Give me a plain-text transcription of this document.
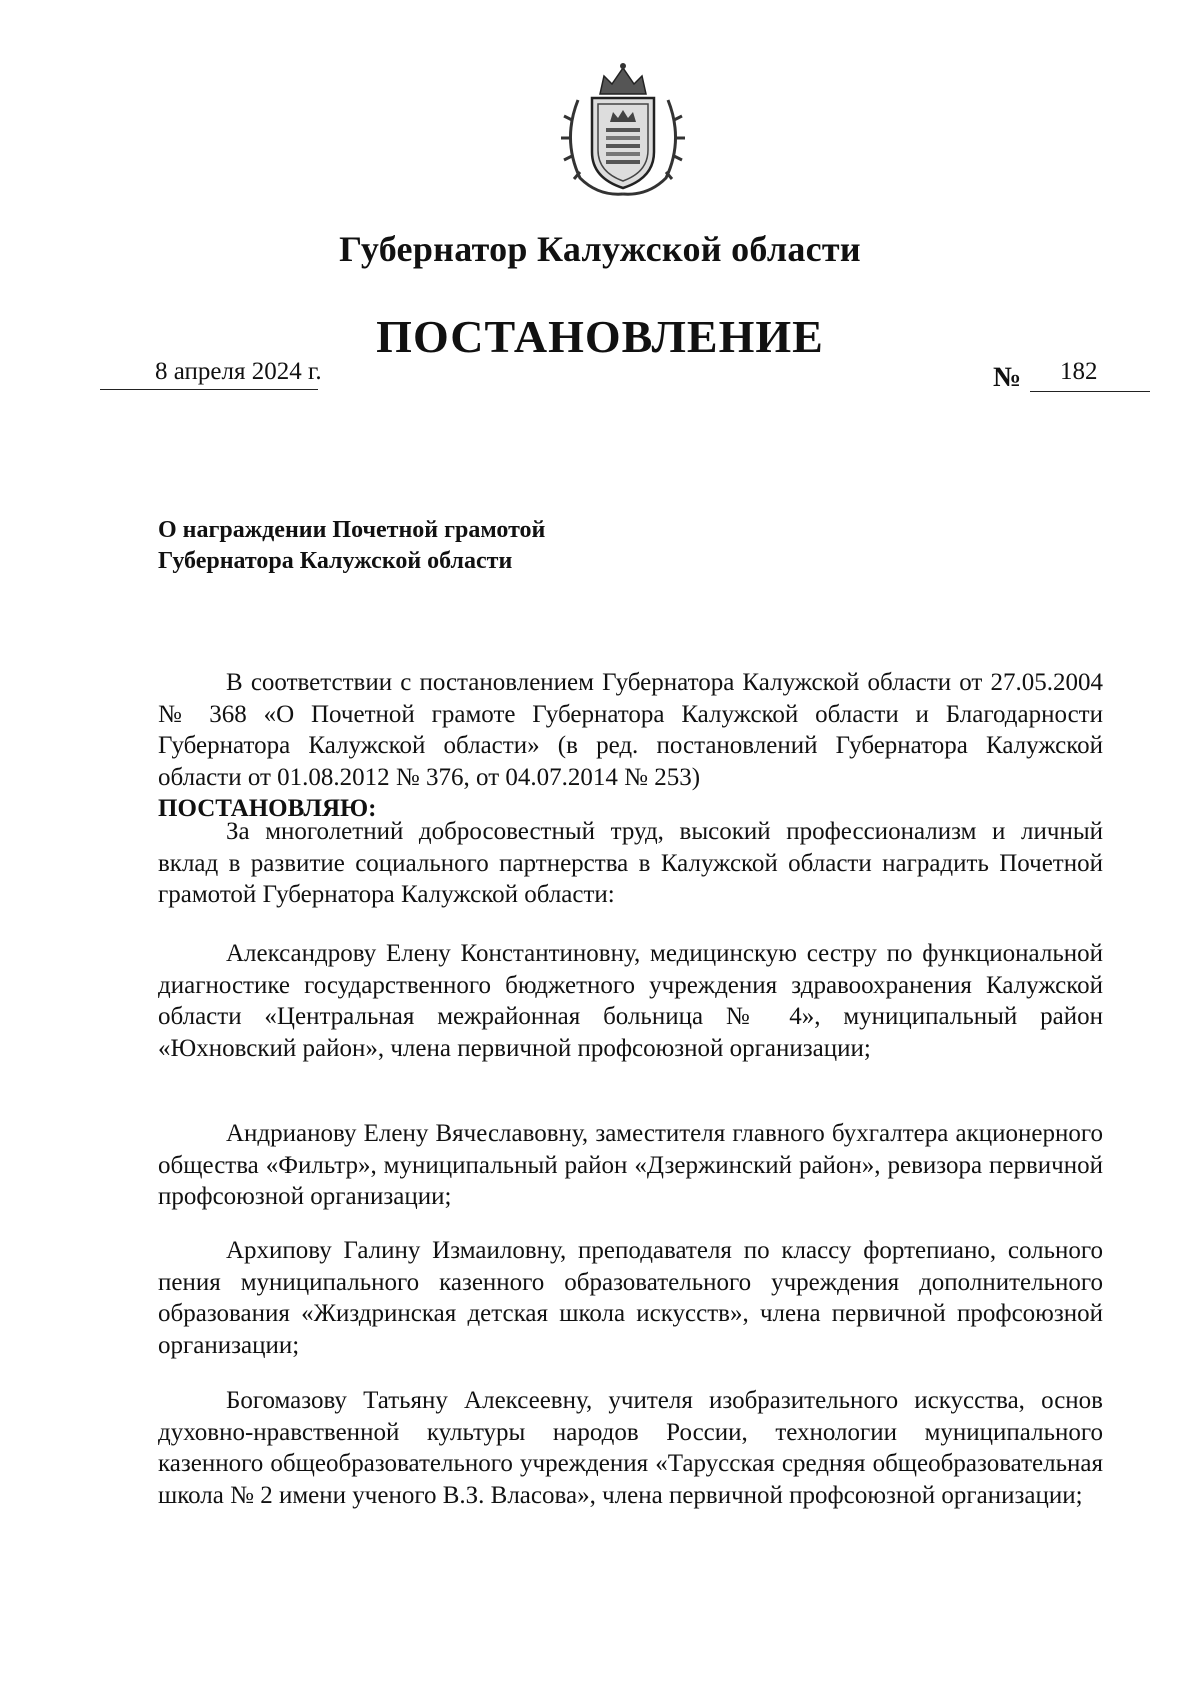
Губернатор Калужской области
ПОСТАНОВЛЕНИЕ
8 апреля 2024 г.	№ 182
О награждении Почетной грамотой
Губернатора Калужской области

В соответствии с постановлением Губернатора Калужской области от 27.05.2004 № 368 «О Почетной грамоте Губернатора Калужской области и Благодарности Губернатора Калужской области» (в ред. постановлений Губернатора Калужской области от 01.08.2012 № 376, от 04.07.2014 № 253)

ПОСТАНОВЛЯЮ:

За многолетний добросовестный труд, высокий профессионализм и личный вклад в развитие социального партнерства в Калужской области наградить Почетной грамотой Губернатора Калужской области:

Александрову Елену Константиновну, медицинскую сестру по функциональной диагностике государственного бюджетного учреждения здравоохранения Калужской области «Центральная межрайонная больница № 4», муниципальный район «Юхновский район», члена первичной профсоюзной организации;

Андрианову Елену Вячеславовну, заместителя главного бухгалтера акционерного общества «Фильтр», муниципальный район «Дзержинский район», ревизора первичной профсоюзной организации;

Архипову Галину Измаиловну, преподавателя по классу фортепиано, сольного пения муниципального казенного образовательного учреждения дополнительного образования «Жиздринская детская школа искусств», члена первичной профсоюзной организации;

Богомазову Татьяну Алексеевну, учителя изобразительного искусства, основ духовно-нравственной культуры народов России, технологии муниципального казенного общеобразовательного учреждения «Тарусская средняя общеобразовательная школа № 2 имени ученого В.З. Власова», члена первичной профсоюзной организации;
